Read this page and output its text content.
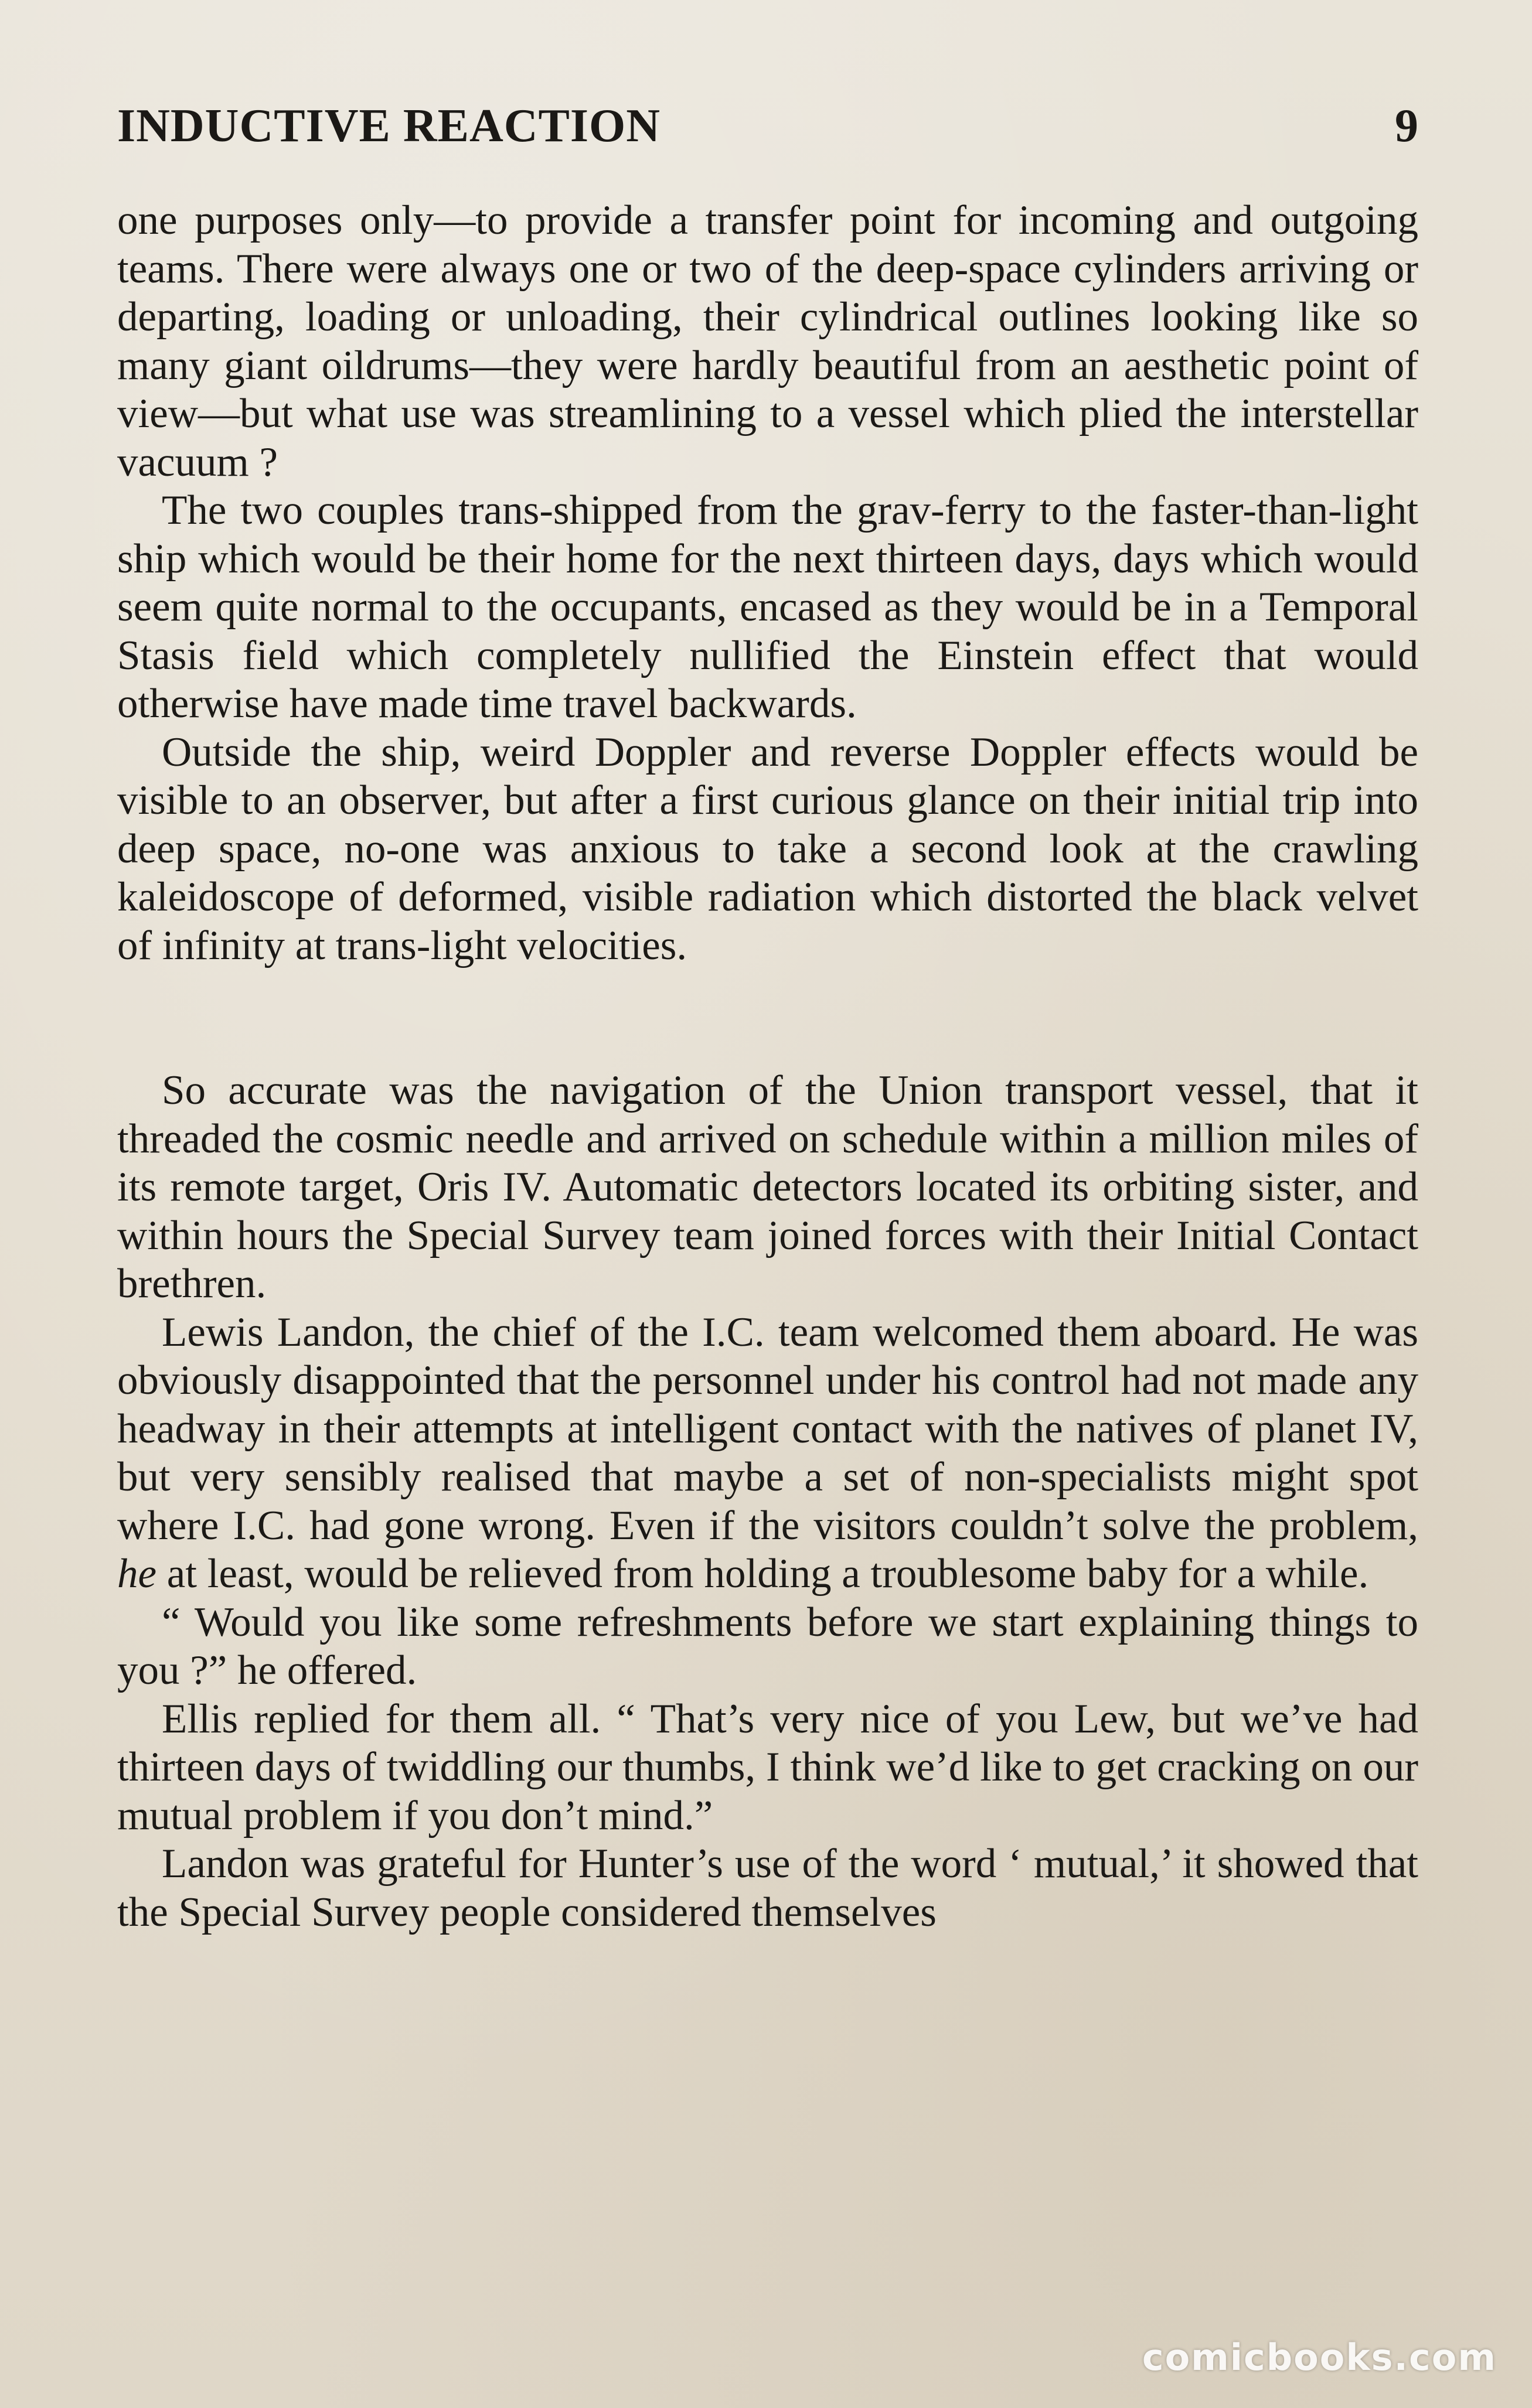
INDUCTIVE REACTION	9

one purposes only—to provide a transfer point for incoming and outgoing teams. There were always one or two of the deep-space cylinders arriving or departing, loading or unloading, their cylindrical outlines looking like so many giant oildrums—they were hardly beautiful from an aesthetic point of view—but what use was streamlining to a vessel which plied the interstellar vacuum ?

The two couples trans-shipped from the grav-ferry to the faster-than-light ship which would be their home for the next thirteen days, days which would seem quite normal to the occupants, encased as they would be in a Temporal Stasis field which completely nullified the Einstein effect that would otherwise have made time travel backwards.

Outside the ship, weird Doppler and reverse Doppler effects would be visible to an observer, but after a first curious glance on their initial trip into deep space, no-one was anxious to take a second look at the crawling kaleidoscope of deformed, visible radiation which distorted the black velvet of infinity at trans-light velocities.

So accurate was the navigation of the Union transport vessel, that it threaded the cosmic needle and arrived on schedule within a million miles of its remote target, Oris IV. Automatic detectors located its orbiting sister, and within hours the Special Survey team joined forces with their Initial Contact brethren.

Lewis Landon, the chief of the I.C. team welcomed them aboard. He was obviously disappointed that the personnel under his control had not made any headway in their attempts at intelligent contact with the natives of planet IV, but very sensibly realised that maybe a set of non-specialists might spot where I.C. had gone wrong. Even if the visitors couldn’t solve the problem, he at least, would be relieved from holding a troublesome baby for a while.

“ Would you like some refreshments before we start explaining things to you ?” he offered.

Ellis replied for them all. “ That’s very nice of you Lew, but we’ve had thirteen days of twiddling our thumbs, I think we’d like to get cracking on our mutual problem if you don’t mind.”

Landon was grateful for Hunter’s use of the word ‘ mutual,’ it showed that the Special Survey people considered themselves

comicbooks.com
